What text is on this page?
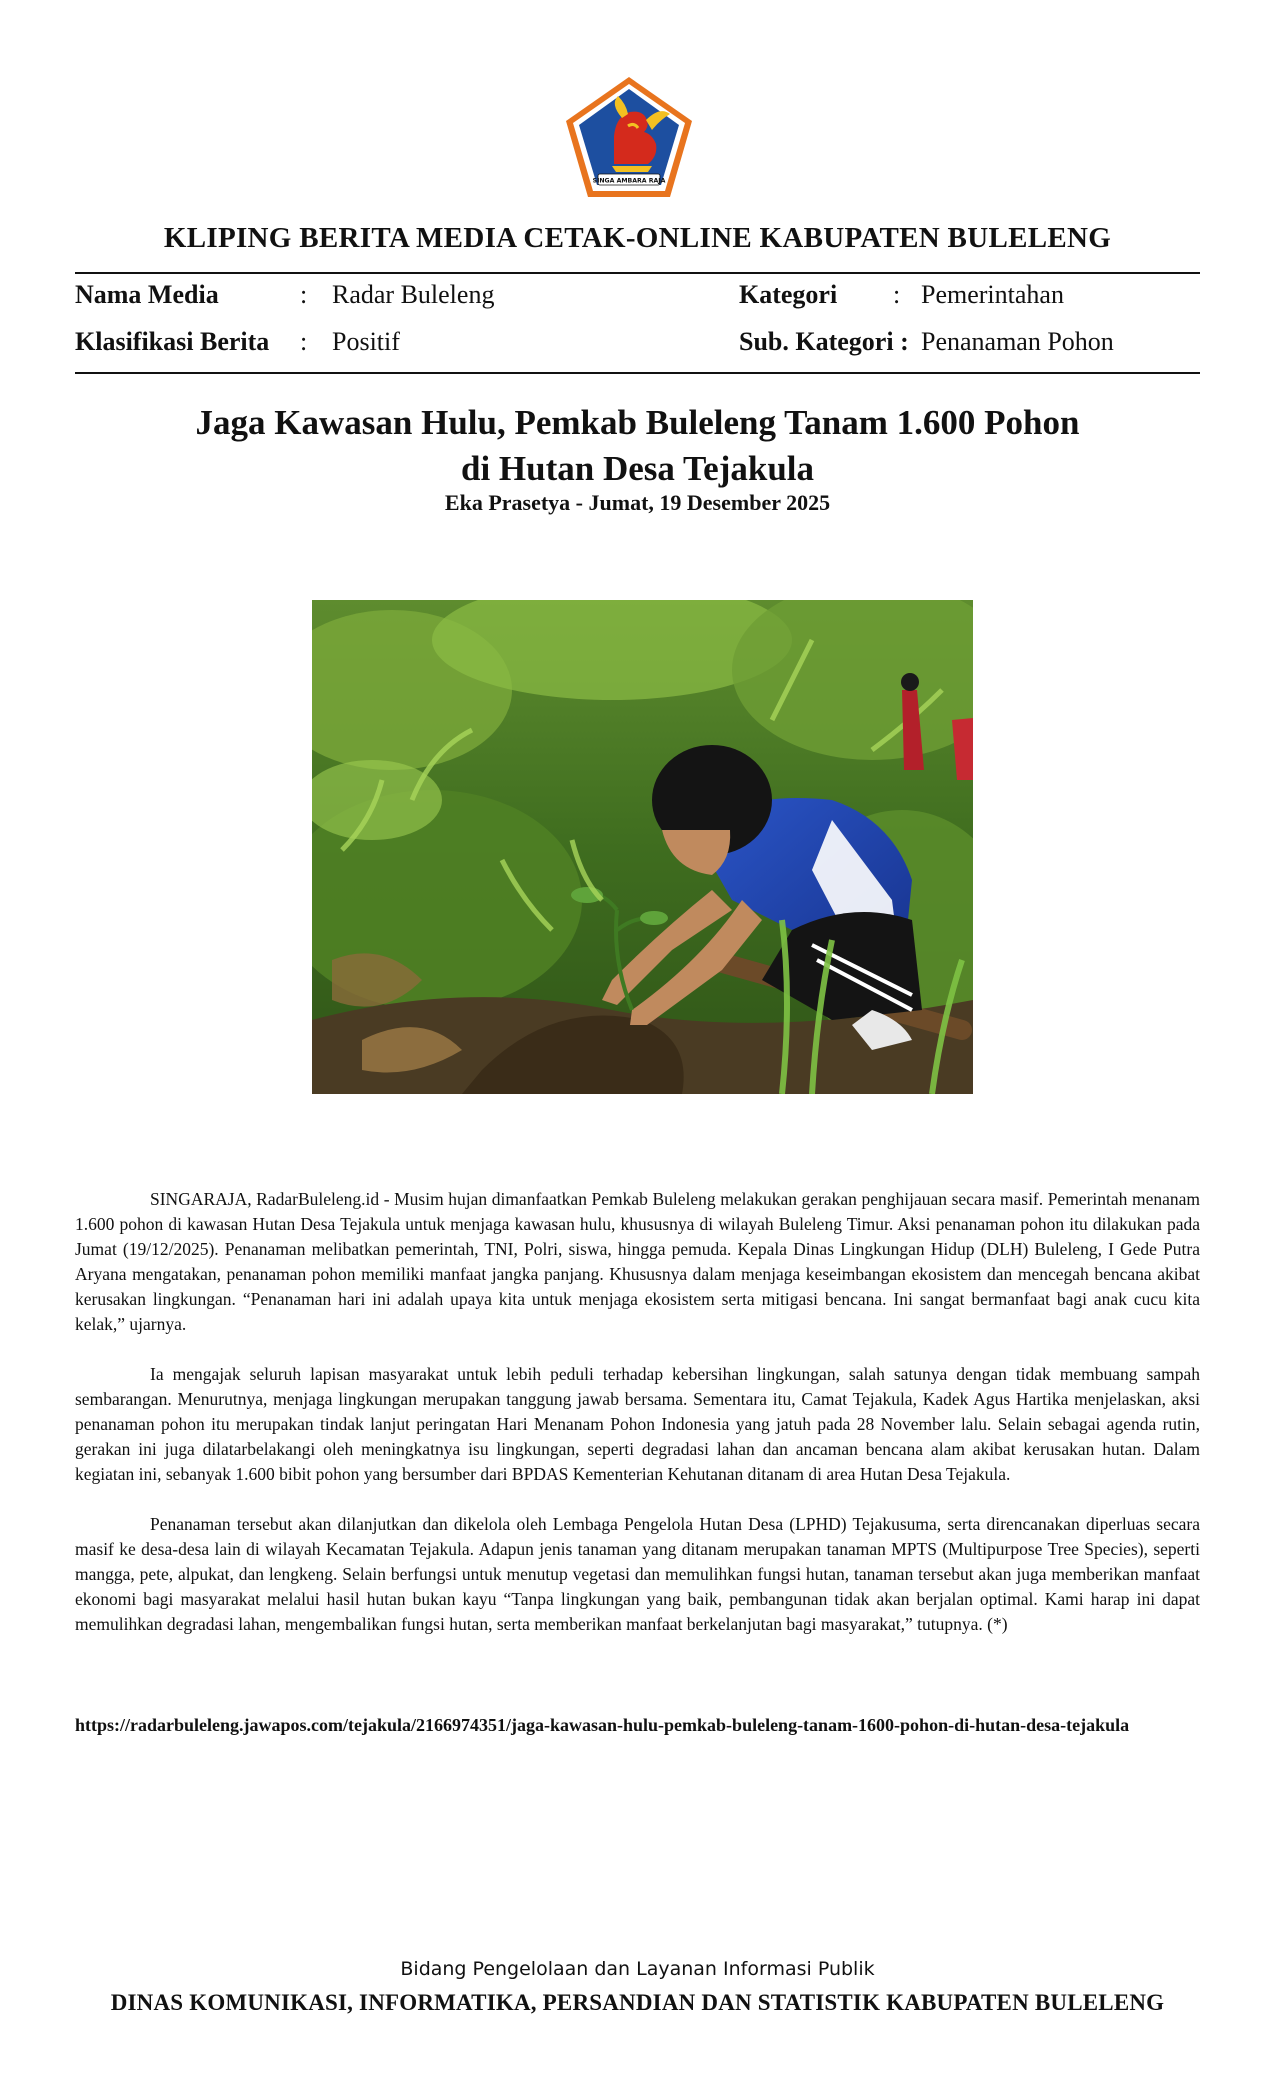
SINGA AMBARA RAJA
KLIPING BERITA MEDIA CETAK-ONLINE KABUPATEN BULELENG
Nama Media	: Radar Buleleng	Kategori : Pemerintahan
Klasifikasi Berita : Positif	Sub. Kategori : Penanaman Pohon
Jaga Kawasan Hulu, Pemkab Buleleng Tanam 1.600 Pohon
di Hutan Desa Tejakula
Eka Prasetya - Jumat, 19 Desember 2025

SINGARAJA, RadarBuleleng.id - Musim hujan dimanfaatkan Pemkab Buleleng melakukan gerakan penghijauan secara masif. Pemerintah menanam 1.600 pohon di kawasan Hutan Desa Tejakula untuk menjaga kawasan hulu, khususnya di wilayah Buleleng Timur. Aksi penanaman pohon itu dilakukan pada Jumat (19/12/2025). Penanaman melibatkan pemerintah, TNI, Polri, siswa, hingga pemuda. Kepala Dinas Lingkungan Hidup (DLH) Buleleng, I Gede Putra Aryana mengatakan, penanaman pohon memiliki manfaat jangka panjang. Khususnya dalam menjaga keseimbangan ekosistem dan mencegah bencana akibat kerusakan lingkungan. “Penanaman hari ini adalah upaya kita untuk menjaga ekosistem serta mitigasi bencana. Ini sangat bermanfaat bagi anak cucu kita kelak,” ujarnya.

Ia mengajak seluruh lapisan masyarakat untuk lebih peduli terhadap kebersihan lingkungan, salah satunya dengan tidak membuang sampah sembarangan. Menurutnya, menjaga lingkungan merupakan tanggung jawab bersama. Sementara itu, Camat Tejakula, Kadek Agus Hartika menjelaskan, aksi penanaman pohon itu merupakan tindak lanjut peringatan Hari Menanam Pohon Indonesia yang jatuh pada 28 November lalu. Selain sebagai agenda rutin, gerakan ini juga dilatarbelakangi oleh meningkatnya isu lingkungan, seperti degradasi lahan dan ancaman bencana alam akibat kerusakan hutan. Dalam kegiatan ini, sebanyak 1.600 bibit pohon yang bersumber dari BPDAS Kementerian Kehutanan ditanam di area Hutan Desa Tejakula.

Penanaman tersebut akan dilanjutkan dan dikelola oleh Lembaga Pengelola Hutan Desa (LPHD) Tejakusuma, serta direncanakan diperluas secara masif ke desa-desa lain di wilayah Kecamatan Tejakula. Adapun jenis tanaman yang ditanam merupakan tanaman MPTS (Multipurpose Tree Species), seperti mangga, pete, alpukat, dan lengkeng. Selain berfungsi untuk menutup vegetasi dan memulihkan fungsi hutan, tanaman tersebut akan juga memberikan manfaat ekonomi bagi masyarakat melalui hasil hutan bukan kayu “Tanpa lingkungan yang baik, pembangunan tidak akan berjalan optimal. Kami harap ini dapat memulihkan degradasi lahan, mengembalikan fungsi hutan, serta memberikan manfaat berkelanjutan bagi masyarakat,” tutupnya. (*)

https://radarbuleleng.jawapos.com/tejakula/2166974351/jaga-kawasan-hulu-pemkab-buleleng-tanam-1600-pohon-di-hutan-desa-tejakula
Bidang Pengelolaan dan Layanan Informasi Publik
DINAS KOMUNIKASI, INFORMATIKA, PERSANDIAN DAN STATISTIK KABUPATEN BULELENG
